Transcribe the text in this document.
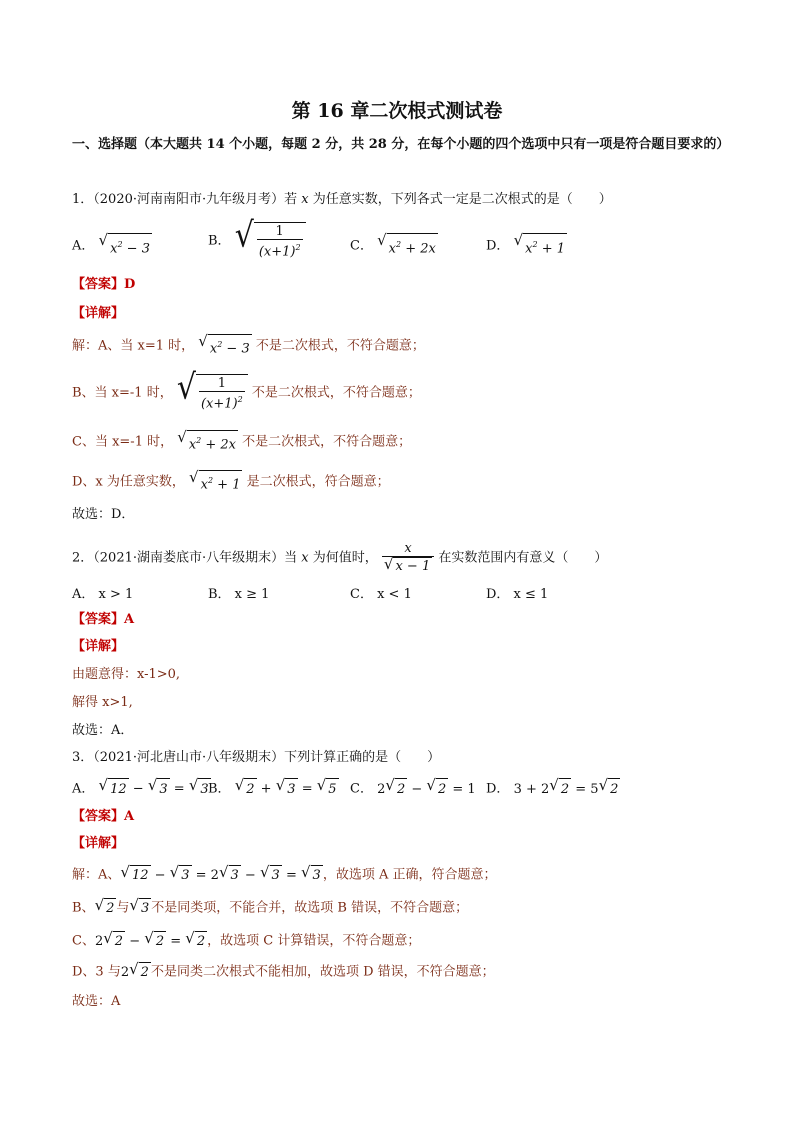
第 16 章二次根式测试卷
一、选择题（本大题共 14 个小题，每题 2 分，共 28 分，在每个小题的四个选项中只有一项是符合题目要求的）
1．（2020·河南南阳市·九年级月考）若 x 为任意实数，下列各式一定是二次根式的是（　　）
A． √ $x^2 - 3$
B． √ $\frac{1}{(x+1)^2}$	C． √ $x^2 + 2x$	D． √ $x^2 + 1$
【答案】D
【详解】
解：A、当 x=1 时， √ $x^2 - 3$ 不是二次根式，不符合题意；
B、当 x=-1 时， √ $\frac{1}{(x+1)^2}$ 不是二次根式，不符合题意；
C、当 x=-1 时， √ $x^2 + 2x$ 不是二次根式，不符合题意；
D、x 为任意实数， √ $x^2 + 1$ 是二次根式，符合题意；
故选：D．
2．（2021·湖南娄底市·八年级期末）当 x 为何值时， $\frac{x}{√ x - 1}$ 在实数范围内有意义（　　）
A． x > 1	B． x ≥ 1	C． x < 1	D． x ≤ 1
【答案】A
【详解】
由题意得：x-1>0,
解得 x>1,
故选：A．
3．（2021·河北唐山市·八年级期末）下列计算正确的是（　　）
A． √ 12 − √ 3 = √ 3 B． √ 2 + √ 3 = √ 5 C． 2 √ 2 − √ 2 = 1 D． 3 + 2 √ 2 = 5 √ 2
【答案】A
【详解】
解：A、 √ 12 − √ 3 = 2 √ 3 − √ 3 = √ 3 ，故选项 A 正确，符合题意；
B、 √ 2 与 √ 3 不是同类项，不能合并，故选项 B 错误，不符合题意；
C、2 √ 2 − √ 2 = √ 2 ，故选项 C 计算错误，不符合题意；
D、3 与2 √ 2 不是同类二次根式不能相加，故选项 D 错误，不符合题意；
故选：A
